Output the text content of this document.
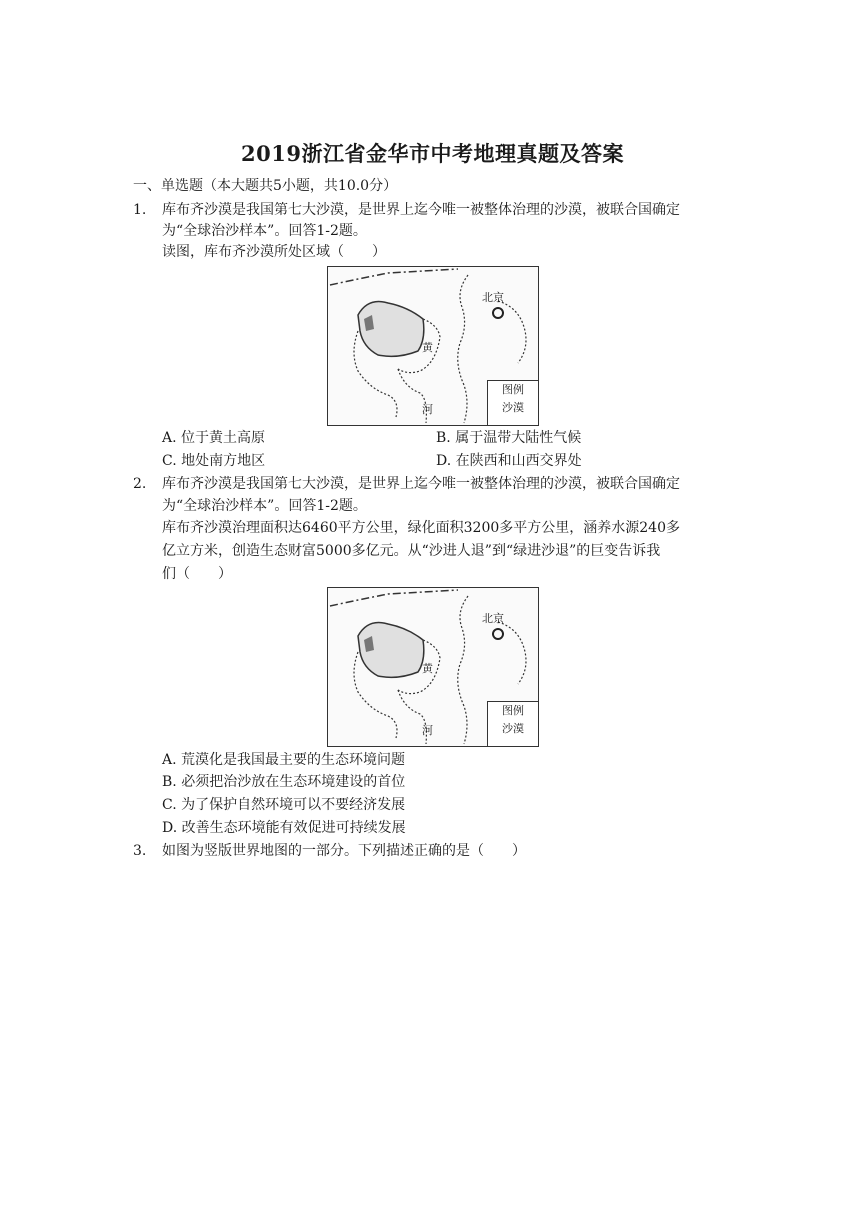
2019浙江省金华市中考地理真题及答案
一、单选题（本大题共5小题，共10.0分）
1. 库布齐沙漠是我国第七大沙漠，是世界上迄今唯一被整体治理的沙漠，被联合国确定
为“全球治沙样本”。回答1-2题。
读图，库布齐沙漠所处区域（　　）
北京
黄
河
图例
沙漠
A. 位于黄土高原	B. 属于温带大陆性气候
C. 地处南方地区	D. 在陕西和山西交界处
2. 库布齐沙漠是我国第七大沙漠，是世界上迄今唯一被整体治理的沙漠，被联合国确定
为“全球治沙样本”。回答1-2题。
库布齐沙漠治理面积达6460平方公里，绿化面积3200多平方公里，涵养水源240多
亿立方米，创造生态财富5000多亿元。从“沙进人退”到“绿进沙退”的巨变告诉我
们（　　）
北京
黄
河
图例
沙漠
A. 荒漠化是我国最主要的生态环境问题
B. 必须把治沙放在生态环境建设的首位
C. 为了保护自然环境可以不要经济发展
D. 改善生态环境能有效促进可持续发展
3. 如图为竖版世界地图的一部分。下列描述正确的是（　　）
